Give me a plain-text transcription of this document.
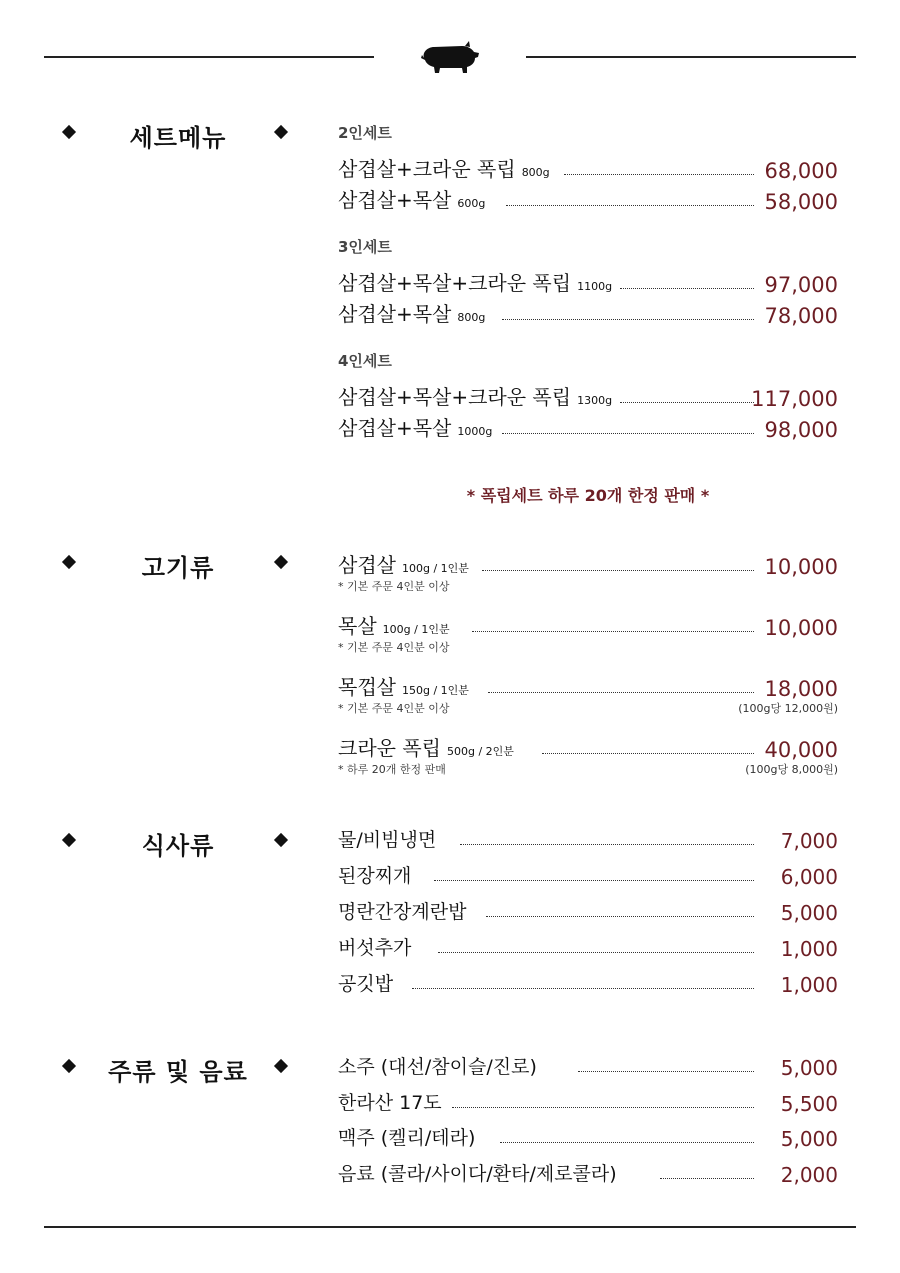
세트메뉴	2인세트
삼겹살+크라운 폭립 800g	68,000
삼겹살+목살 600g	58,000
3인세트
삼겹살+목살+크라운 폭립 1100g	97,000
삼겹살+목살 800g	78,000
4인세트
삼겹살+목살+크라운 폭립 1300g	117,000
삼겹살+목살 1000g	98,000
* 폭립세트 하루 20개 한정 판매 *
고기류	삼겹살 100g / 1인분	10,000
* 기본 주문 4인분 이상
목살 100g / 1인분	10,000
* 기본 주문 4인분 이상
목껍살 150g / 1인분	18,000
* 기본 주문 4인분 이상	(100g당 12,000원)
크라운 폭립 500g / 2인분	40,000
* 하루 20개 한정 판매	(100g당 8,000원)
식사류	물/비빔냉면	7,000
된장찌개	6,000
명란간장계란밥	5,000
버섯추가	1,000
공깃밥	1,000
주류 및 음료	소주 (대선/참이슬/진로)	5,000
한라산 17도	5,500
맥주 (켈리/테라)	5,000
음료 (콜라/사이다/환타/제로콜라)	2,000
